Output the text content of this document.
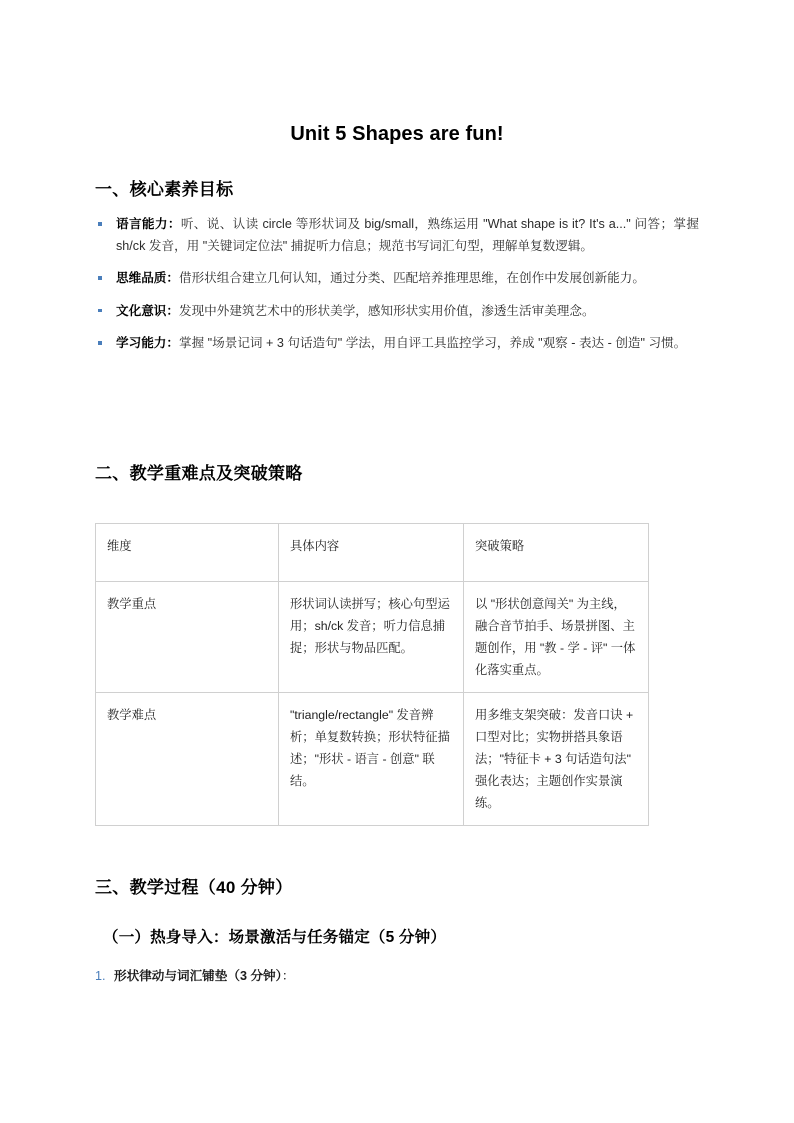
Unit 5 Shapes are fun!
一、核心素养目标
语言能力：听、说、认读 circle 等形状词及 big/small，熟练运用 "What shape is it? It's a..." 问答；掌握 sh/ck 发音，用 "关键词定位法" 捕捉听力信息；规范书写词汇句型，理解单复数逻辑。
思维品质：借形状组合建立几何认知，通过分类、匹配培养推理思维，在创作中发展创新能力。
文化意识：发现中外建筑艺术中的形状美学，感知形状实用价值，渗透生活审美理念。
学习能力：掌握 "场景记词 + 3 句话造句" 学法，用自评工具监控学习，养成 "观察 - 表达 - 创造" 习惯。
二、教学重难点及突破策略
维度	具体内容	突破策略
教学重点	形状词认读拼写；核心句型运用；sh/ck 发音；听力信息捕捉；形状与物品匹配。	以 "形状创意闯关" 为主线，融合音节拍手、场景拼图、主题创作，用 "教 - 学 - 评" 一体化落实重点。
教学难点	"triangle/rectangle" 发音辨析；单复数转换；形状特征描述；"形状 - 语言 - 创意" 联结。	用多维支架突破：发音口诀 + 口型对比；实物拼搭具象语法；"特征卡 + 3 句话造句法" 强化表达；主题创作实景演练。
三、教学过程（40 分钟）
（一）热身导入：场景激活与任务锚定（5 分钟）
1. 形状律动与词汇铺垫（3 分钟）：
